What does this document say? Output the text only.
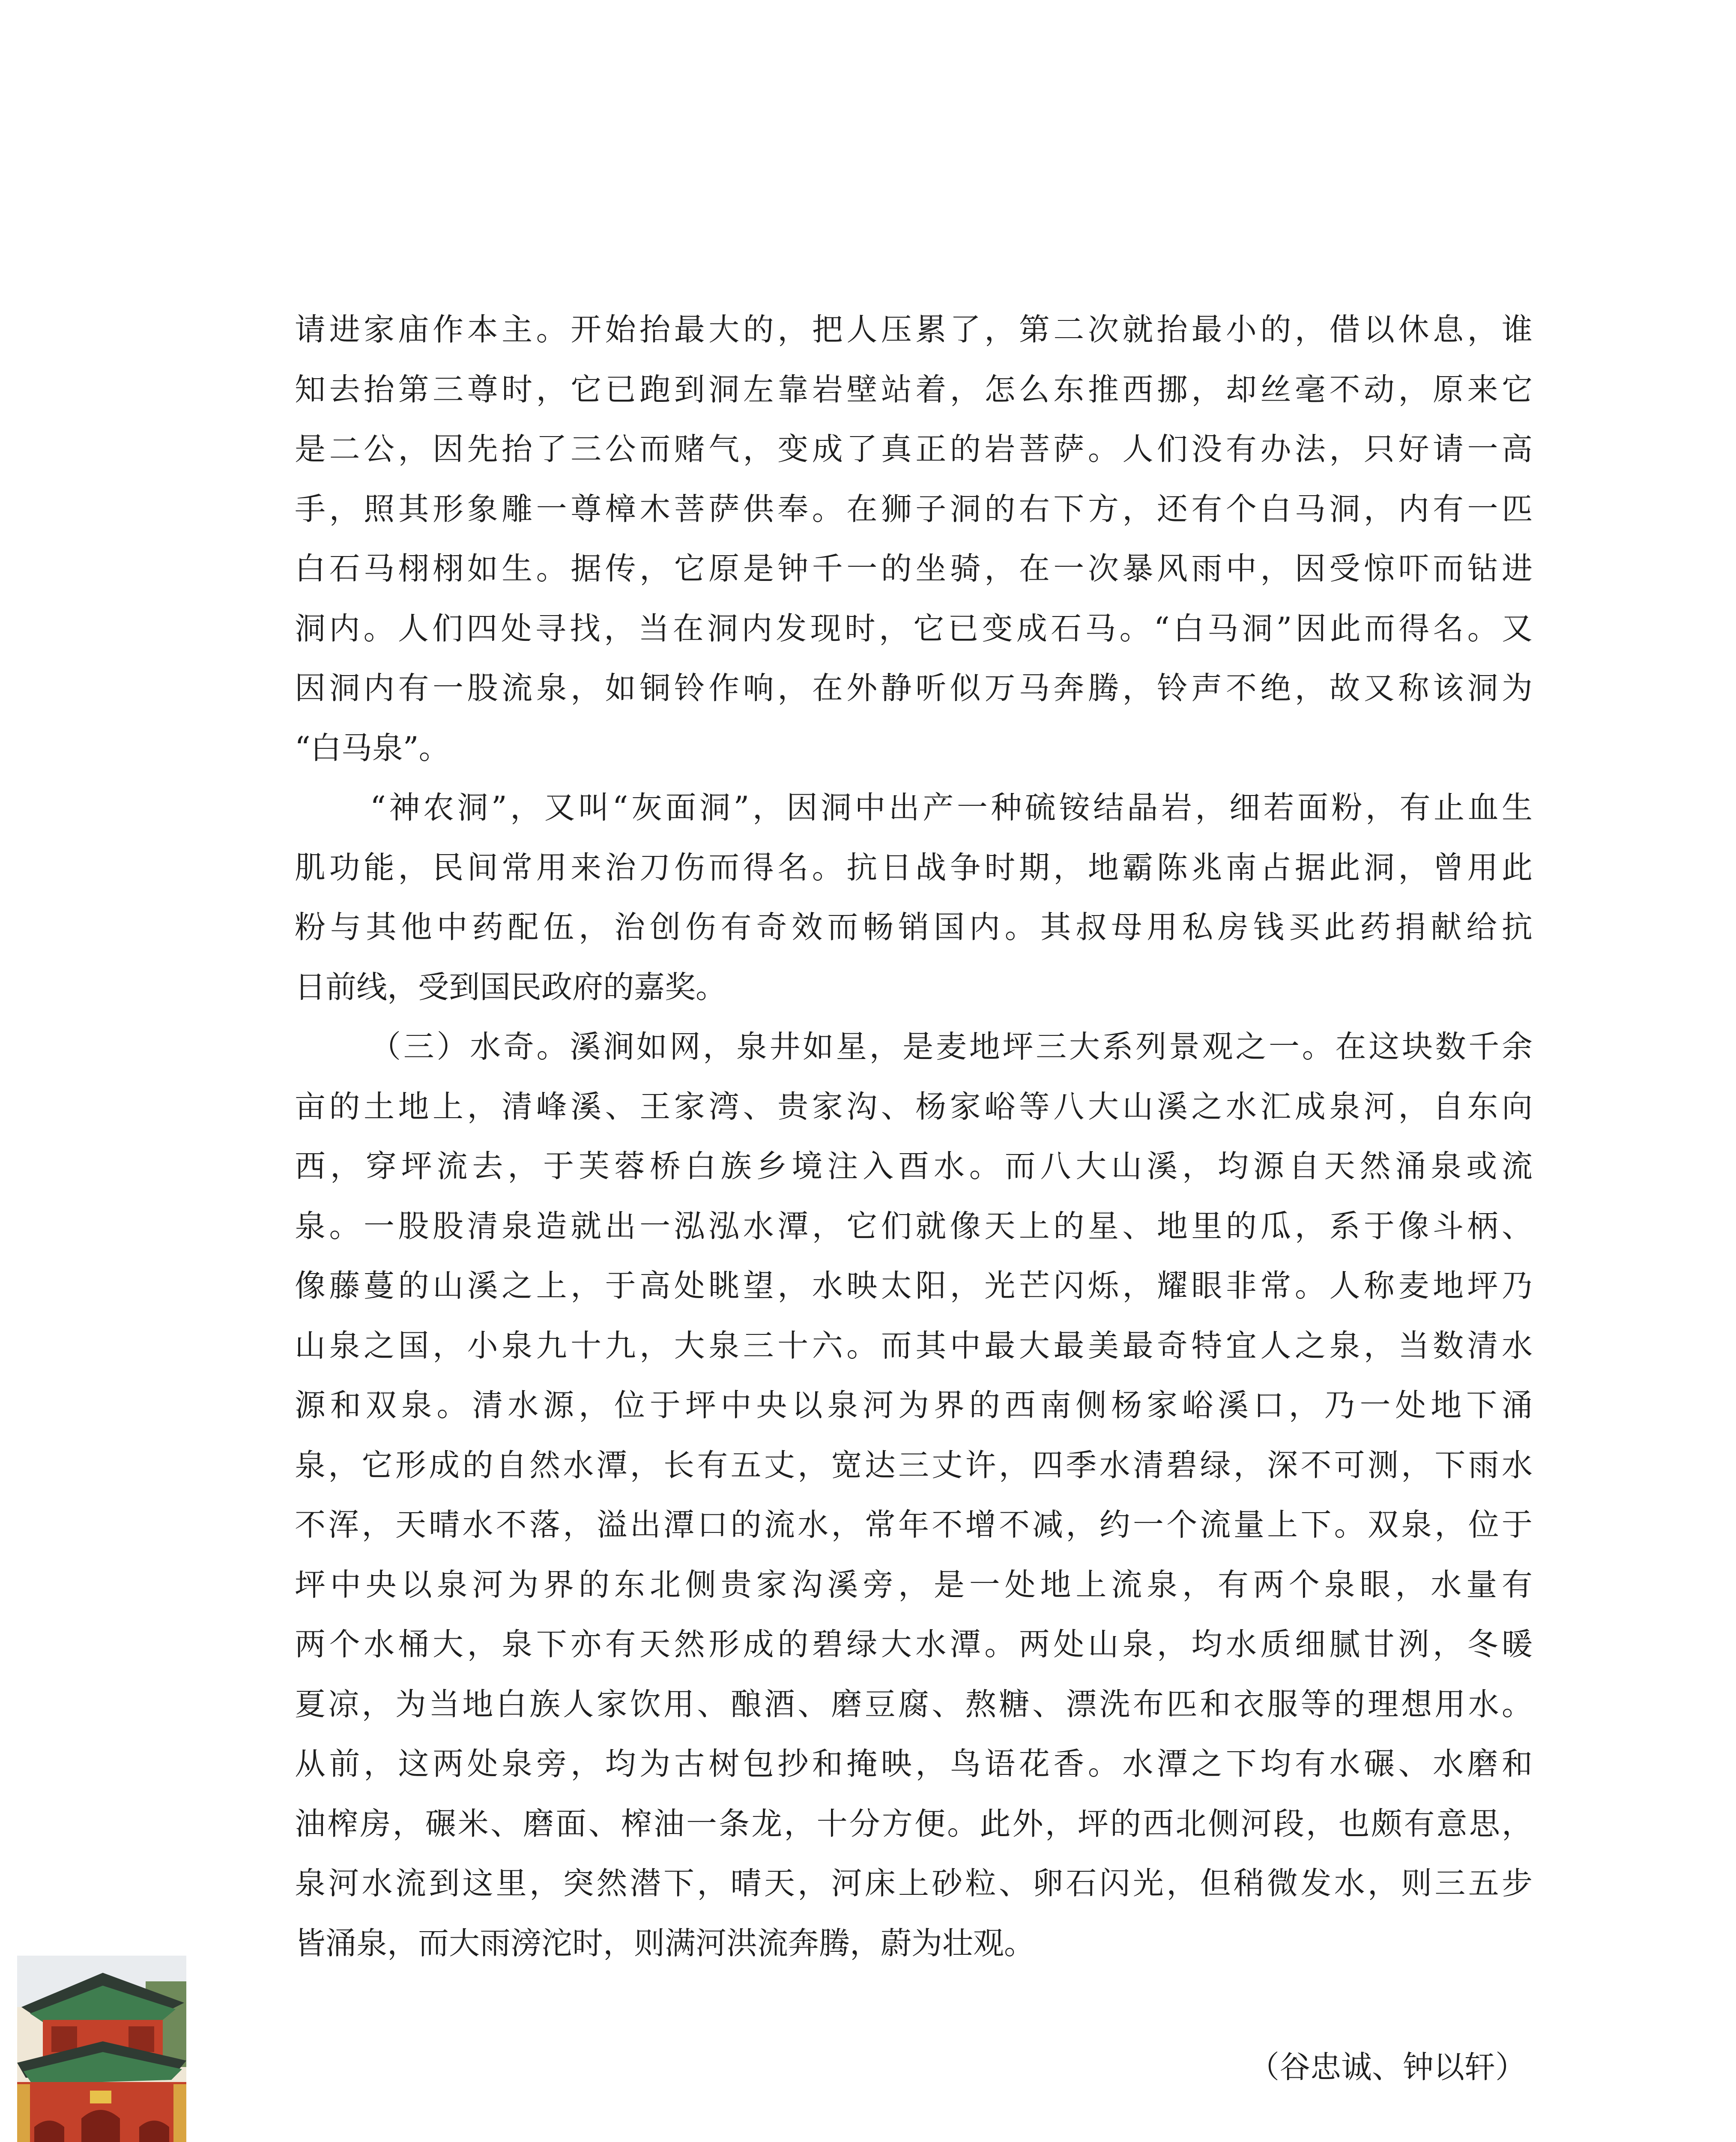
请进家庙作本主。开始抬最大的，把人压累了，第二次就抬最小的，借以休息，谁
知去抬第三尊时，它已跑到洞左靠岩壁站着，怎么东推西挪，却丝毫不动，原来它
是二公，因先抬了三公而赌气，变成了真正的岩菩萨。人们没有办法，只好请一高
手，照其形象雕一尊樟木菩萨供奉。在狮子洞的右下方，还有个白马洞，内有一匹
白石马栩栩如生。据传，它原是钟千一的坐骑，在一次暴风雨中，因受惊吓而钻进
洞内。人们四处寻找，当在洞内发现时，它已变成石马。“白马洞”因此而得名。又
因洞内有一股流泉，如铜铃作响，在外静听似万马奔腾，铃声不绝，故又称该洞为
“白马泉”。

“神农洞”，又叫“灰面洞”，因洞中出产一种硫铵结晶岩，细若面粉，有止血生
肌功能，民间常用来治刀伤而得名。抗日战争时期，地霸陈兆南占据此洞，曾用此
粉与其他中药配伍，治创伤有奇效而畅销国内。其叔母用私房钱买此药捐献给抗
日前线，受到国民政府的嘉奖。

（三）水奇。溪涧如网，泉井如星，是麦地坪三大系列景观之一。在这块数千余
亩的土地上，清峰溪、王家湾、贵家沟、杨家峪等八大山溪之水汇成泉河，自东向
西，穿坪流去，于芙蓉桥白族乡境注入酉水。而八大山溪，均源自天然涌泉或流
泉。一股股清泉造就出一泓泓水潭，它们就像天上的星、地里的瓜，系于像斗柄、
像藤蔓的山溪之上，于高处眺望，水映太阳，光芒闪烁，耀眼非常。人称麦地坪乃
山泉之国，小泉九十九，大泉三十六。而其中最大最美最奇特宜人之泉，当数清水
源和双泉。清水源，位于坪中央以泉河为界的西南侧杨家峪溪口，乃一处地下涌
泉，它形成的自然水潭，长有五丈，宽达三丈许，四季水清碧绿，深不可测，下雨水
不浑，天晴水不落，溢出潭口的流水，常年不增不减，约一个流量上下。双泉，位于
坪中央以泉河为界的东北侧贵家沟溪旁，是一处地上流泉，有两个泉眼，水量有
两个水桶大，泉下亦有天然形成的碧绿大水潭。两处山泉，均水质细腻甘洌，冬暖
夏凉，为当地白族人家饮用、酿酒、磨豆腐、熬糖、漂洗布匹和衣服等的理想用水。
从前，这两处泉旁，均为古树包抄和掩映，鸟语花香。水潭之下均有水碾、水磨和
油榨房，碾米、磨面、榨油一条龙，十分方便。此外，坪的西北侧河段，也颇有意思，
泉河水流到这里，突然潜下，晴天，河床上砂粒、卵石闪光，但稍微发水，则三五步
皆涌泉，而大雨滂沱时，则满河洪流奔腾，蔚为壮观。

（谷忠诚、钟以轩）
